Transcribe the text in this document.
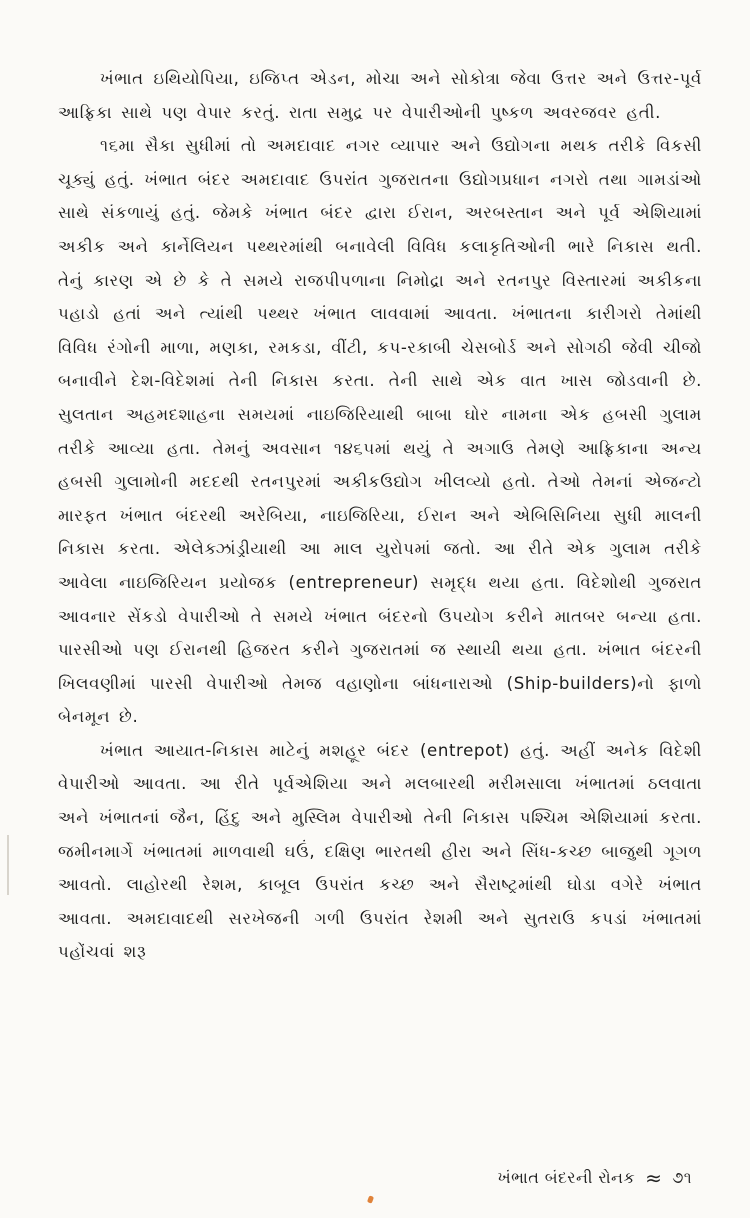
ખંભાત ઇથિયોપિયા, ઇજિપ્ત એડન, મોચા અને સોકોત્રા જેવા ઉત્તર અને ઉત્તર-પૂર્વ આફ્રિકા સાથે પણ વેપાર કરતું. રાતા સમુદ્ર પર વેપારીઓની પુષ્કળ અવરજવર હતી.

૧૬મા સૈકા સુધીમાં તો અમદાવાદ નગર વ્યાપાર અને ઉદ્યોગના મથક તરીકે વિકસી ચૂક્યું હતું. ખંભાત બંદર અમદાવાદ ઉપરાંત ગુજરાતના ઉદ્યોગપ્રધાન નગરો તથા ગામડાંઓ સાથે સંકળાયું હતું. જેમકે ખંભાત બંદર દ્વારા ઈરાન, અરબસ્તાન અને પૂર્વ એશિયામાં અકીક અને કાર્નેલિયન પથ્થરમાંથી બનાવેલી વિવિધ કલાકૃતિઓની ભારે નિકાસ થતી. તેનું કારણ એ છે કે તે સમયે રાજપીપળાના નિમોદ્રા અને રતનપુર વિસ્તારમાં અકીકના પહાડો હતાં અને ત્યાંથી પથ્થર ખંભાત લાવવામાં આવતા. ખંભાતના કારીગરો તેમાંથી વિવિધ રંગોની માળા, મણકા, રમકડા, વીંટી, કપ-રકાબી ચેસબોર્ડ અને સોગઠી જેવી ચીજો બનાવીને દેશ-વિદેશમાં તેની નિકાસ કરતા. તેની સાથે એક વાત ખાસ જોડવાની છે. સુલતાન અહમદશાહના સમયમાં નાઇજિરિયાથી બાબા ઘોર નામના એક હબસી ગુલામ તરીકે આવ્યા હતા. તેમનું અવસાન ૧૪૬૫માં થયું તે અગાઉ તેમણે આફ્રિકાના અન્ય હબસી ગુલામોની મદદથી રતનપુરમાં અકીકઉદ્યોગ ખીલવ્યો હતો. તેઓ તેમનાં એજન્ટો મારફત ખંભાત બંદરથી અરેબિયા, નાઇજિરિયા, ઈરાન અને એબિસિનિયા સુધી માલની નિકાસ કરતા. એલેક્ઝાંડ્રીયાથી આ માલ યુરોપમાં જતો. આ રીતે એક ગુલામ તરીકે આવેલા નાઇજિરિયન પ્રયોજક (entrepreneur) સમૃદ્ધ થયા હતા. વિદેશોથી ગુજરાત આવનાર સેંકડો વેપારીઓ તે સમયે ખંભાત બંદરનો ઉપયોગ કરીને માતબર બન્યા હતા. પારસીઓ પણ ઈરાનથી હિજરત કરીને ગુજરાતમાં જ સ્થાયી થયા હતા. ખંભાત બંદરની ખિલવણીમાં પારસી વેપારીઓ તેમજ વહાણોના બાંધનારાઓ (Ship-builders)નો ફાળો બેનમૂન છે.

ખંભાત આયાત-નિકાસ માટેનું મશહૂર બંદર (entrepot) હતું. અહીં અનેક વિદેશી વેપારીઓ આવતા. આ રીતે પૂર્વએશિયા અને મલબારથી મરીમસાલા ખંભાતમાં ઠલવાતા અને ખંભાતનાં જૈન, હિંદુ અને મુસ્લિમ વેપારીઓ તેની નિકાસ પશ્ચિમ એશિયામાં કરતા. જમીનમાર્ગે ખંભાતમાં માળવાથી ઘઉં, દક્ષિણ ભારતથી હીરા અને સિંધ-કચ્છ બાજુથી ગૂગળ આવતો. લાહોરથી રેશમ, કાબૂલ ઉપરાંત કચ્છ અને સૈરાષ્ટ્રમાંથી ઘોડા વગેરે ખંભાત આવતા. અમદાવાદથી સરખેજની ગળી ઉપરાંત રેશમી અને સુતરાઉ કપડાં ખંભાતમાં પહોંચવાં શરૂ

ખંભાત બંદરની રોનક ≈ ૭૧
